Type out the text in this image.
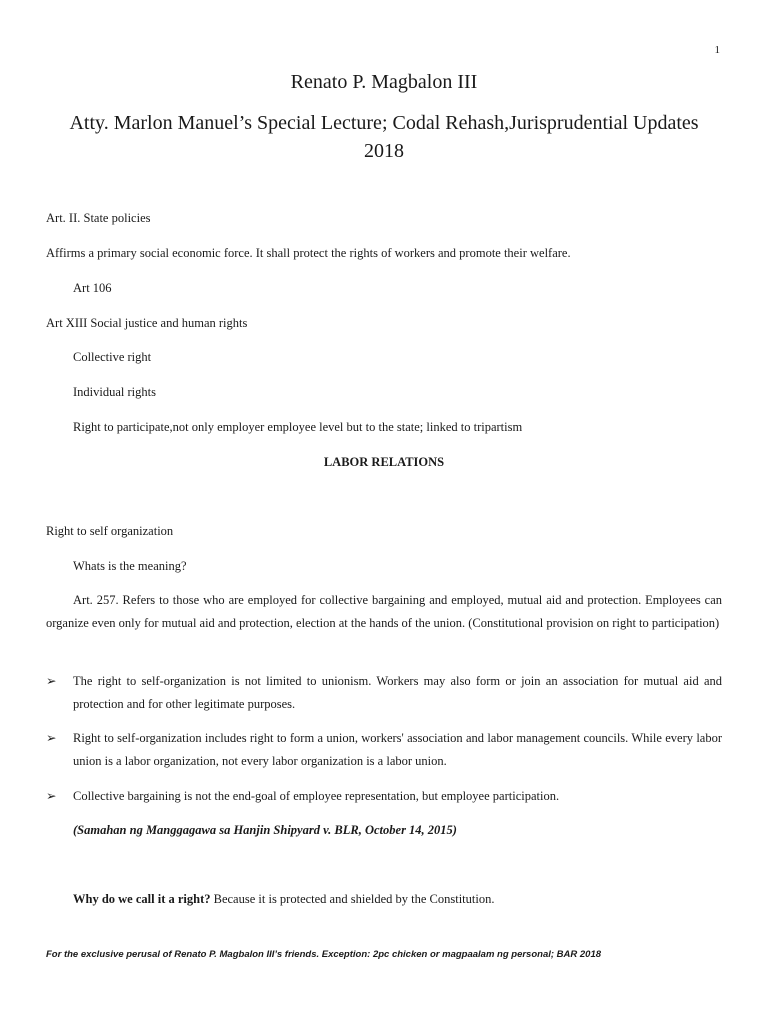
1
Renato P. Magbalon III
Atty. Marlon Manuel’s Special Lecture; Codal Rehash,Jurisprudential Updates 2018
Art. II. State policies
Affirms a primary social economic force. It shall protect the rights of workers and promote their welfare.
Art 106
Art XIII Social justice and human rights
Collective right
Individual rights
Right to participate,not only employer employee level but to the state; linked to tripartism
LABOR RELATIONS
Right to self organization
Whats is the meaning?
Art. 257. Refers to those who are employed for collective bargaining and employed, mutual aid and protection. Employees can organize even only for mutual aid and protection, election at the hands of the union. (Constitutional provision on right to participation)
➢	The right to self-organization is not limited to unionism. Workers may also form or join an association for mutual aid and protection and for other legitimate purposes.
➢	Right to self-organization includes right to form a union, workers' association and labor management councils. While every labor union is a labor organization, not every labor organization is a labor union.
➢	Collective bargaining is not the end-goal of employee representation, but employee participation.
(Samahan ng Manggagawa sa Hanjin Shipyard v. BLR, October 14, 2015)
Why do we call it a right? Because it is protected and shielded by the Constitution.
For the exclusive perusal of Renato P. Magbalon III’s friends. Exception: 2pc chicken or magpaalam ng personal; BAR 2018
